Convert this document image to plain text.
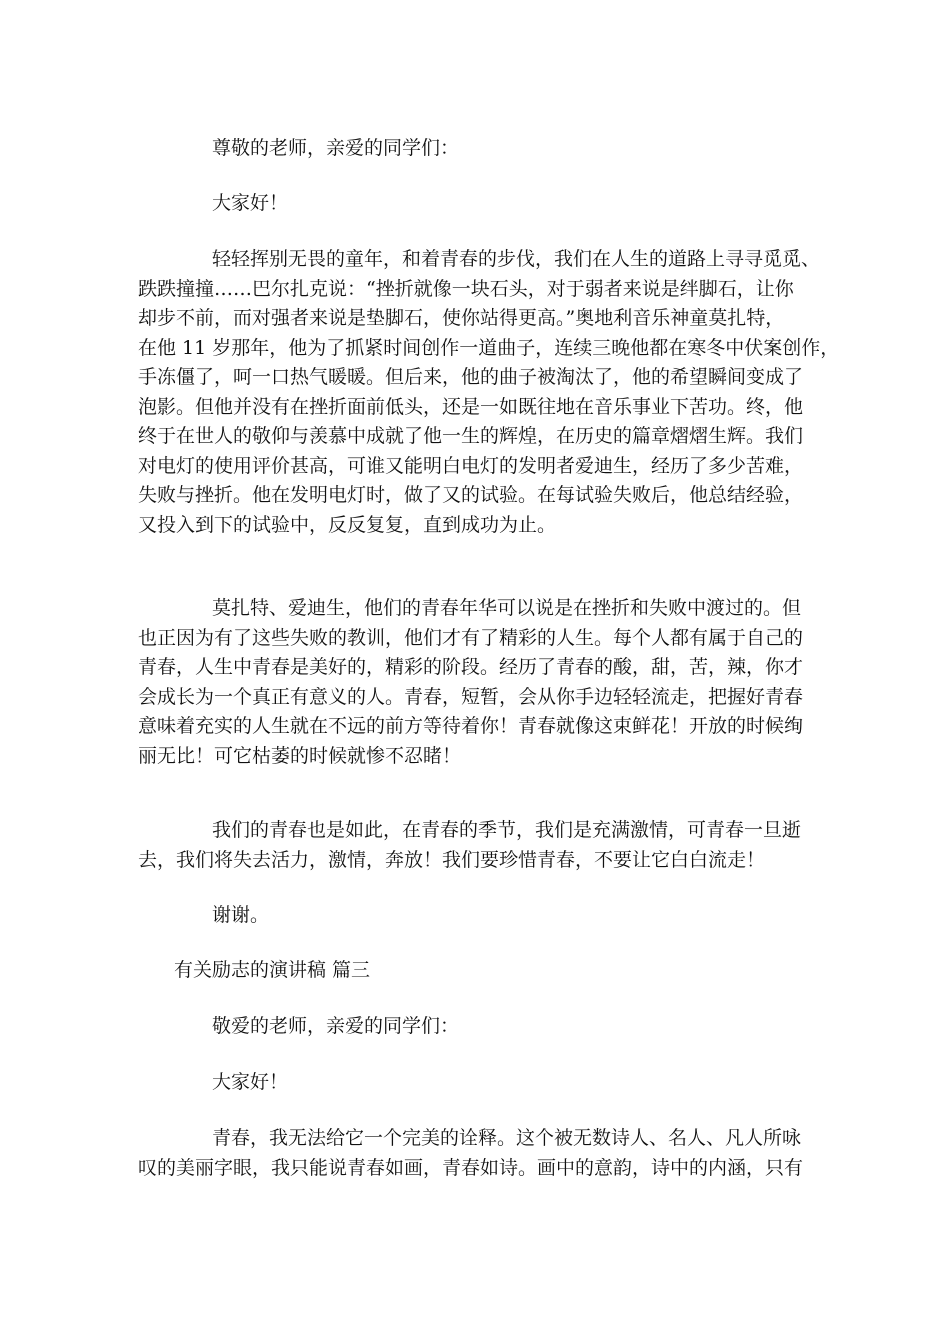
尊敬的老师，亲爱的同学们：
大家好！
轻轻挥别无畏的童年，和着青春的步伐，我们在人生的道路上寻寻觅觅、
跌跌撞撞……巴尔扎克说：“挫折就像一块石头，对于弱者来说是绊脚石，让你
却步不前，而对强者来说是垫脚石，使你站得更高。”奥地利音乐神童莫扎特，
在他 11 岁那年，他为了抓紧时间创作一道曲子，连续三晚他都在寒冬中伏案创作，
手冻僵了，呵一口热气暖暖。但后来，他的曲子被淘汰了，他的希望瞬间变成了
泡影。但他并没有在挫折面前低头，还是一如既往地在音乐事业下苦功。终，他
终于在世人的敬仰与羡慕中成就了他一生的辉煌，在历史的篇章熠熠生辉。我们
对电灯的使用评价甚高，可谁又能明白电灯的发明者爱迪生，经历了多少苦难，
失败与挫折。他在发明电灯时，做了又的试验。在每试验失败后，他总结经验，
又投入到下的试验中，反反复复，直到成功为止。
莫扎特、爱迪生，他们的青春年华可以说是在挫折和失败中渡过的。但
也正因为有了这些失败的教训，他们才有了精彩的人生。每个人都有属于自己的
青春，人生中青春是美好的，精彩的阶段。经历了青春的酸，甜，苦，辣，你才
会成长为一个真正有意义的人。青春，短暂，会从你手边轻轻流走，把握好青春
意味着充实的人生就在不远的前方等待着你！青春就像这束鲜花！开放的时候绚
丽无比！可它枯萎的时候就惨不忍睹！
我们的青春也是如此，在青春的季节，我们是充满激情，可青春一旦逝
去，我们将失去活力，激情，奔放！我们要珍惜青春，不要让它白白流走！
谢谢。
有关励志的演讲稿 篇三
敬爱的老师，亲爱的同学们：
大家好！
青春，我无法给它一个完美的诠释。这个被无数诗人、名人、凡人所咏
叹的美丽字眼，我只能说青春如画，青春如诗。画中的意韵，诗中的内涵，只有
